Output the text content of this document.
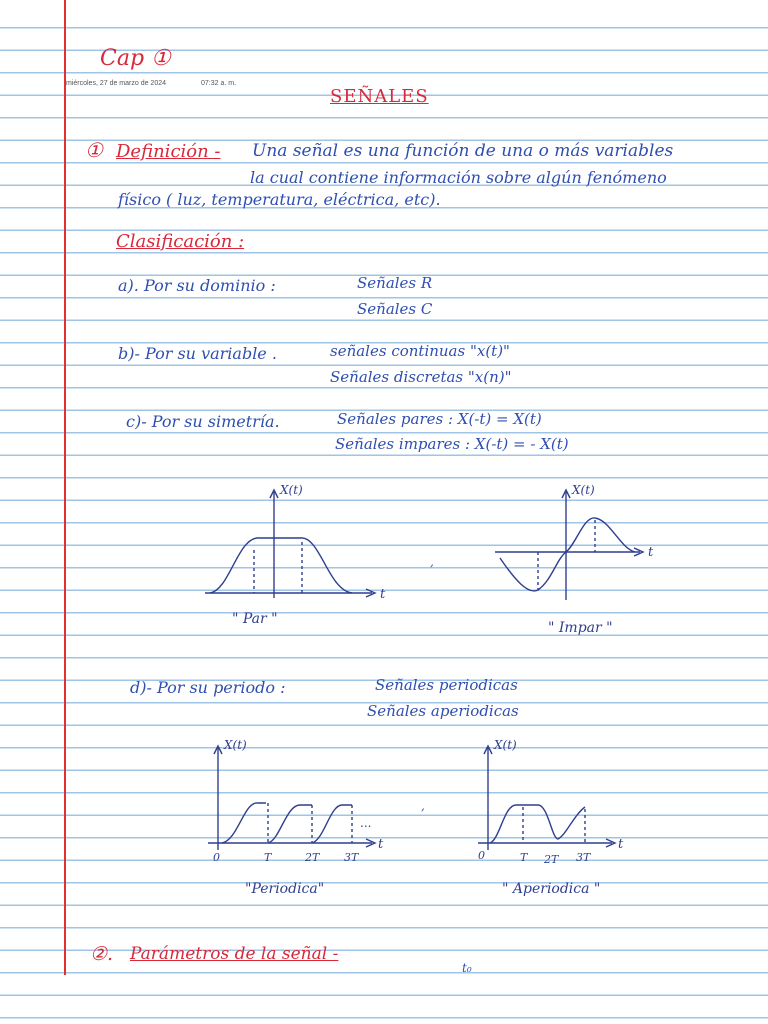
Cap ①
miércoles, 27 de marzo de 2024	07:32 a. m.
SEÑALES
① Definición - Una señal es una función de una o más variables
la cual contiene información sobre algún fenómeno
físico ( luz, temperatura, eléctrica, etc).
Clasificación :
a). Por su dominio :	Señales R
Señales C
b)- Por su variable .	señales continuas "x(t)"
Señales discretas "x(n)"
c)- Por su simetría.	Señales pares : X(-t) = X(t)
Señales impares : X(-t) = - X(t)
X(t)
t
" Par "
,
X(t)
t
" Impar "
d)- Por su periodo :	Señales periodicas
Señales aperiodicas
X(t)
...
t
0	T	2T 3T
"Periodica"
,
X(t)
t
0	T 2T 3T
" Aperiodica "
②. Parámetros de la señal -
t₀
